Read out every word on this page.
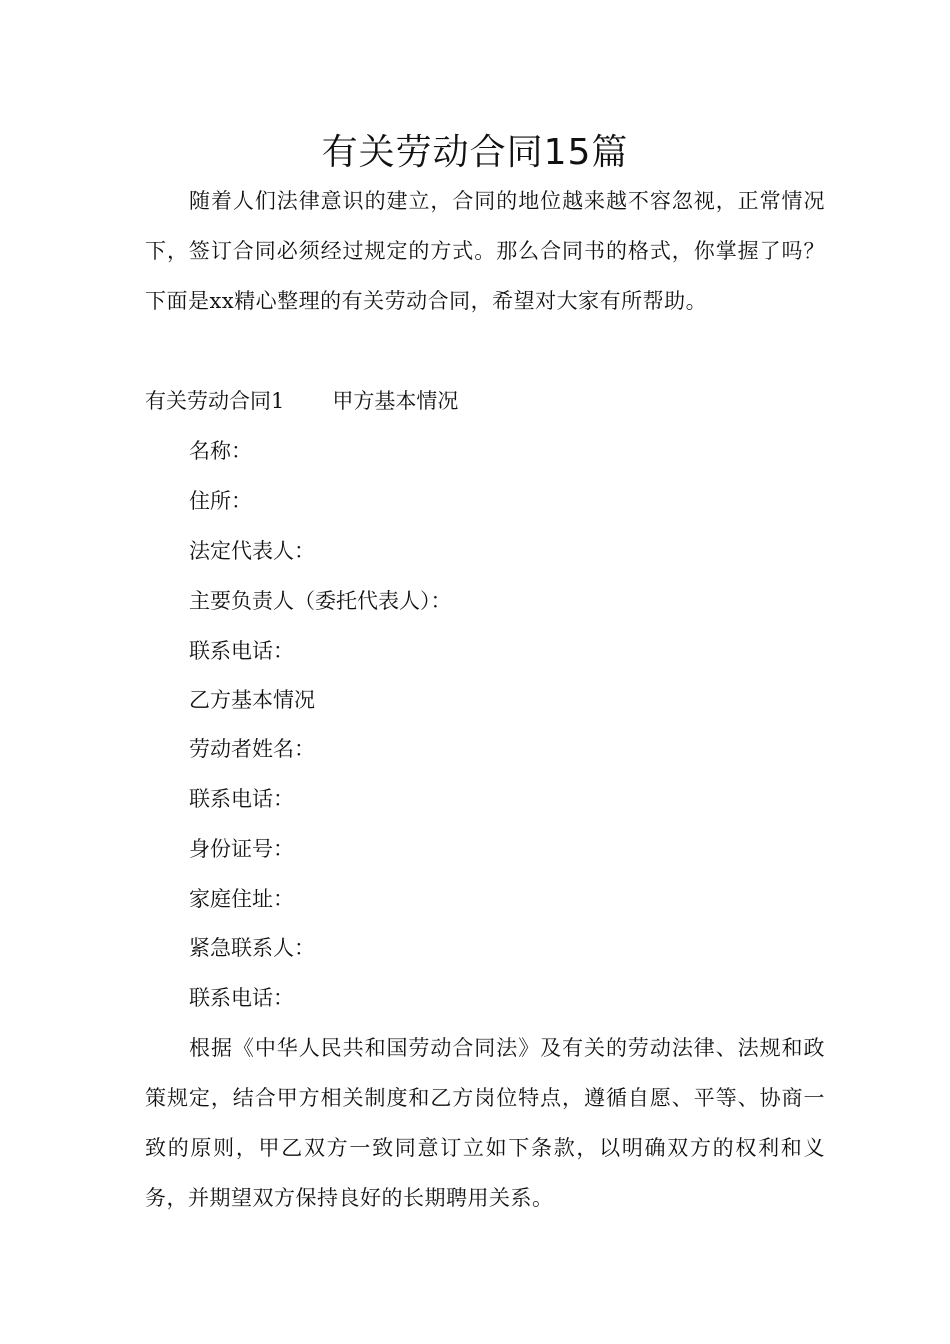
有关劳动合同15篇
随着人们法律意识的建立，合同的地位越来越不容忽视，正常情况下，签订合同必须经过规定的方式。那么合同书的格式，你掌握了吗？下面是xx精心整理的有关劳动合同，希望对大家有所帮助。
有关劳动合同1 甲方基本情况
名称：
住所：
法定代表人：
主要负责人（委托代表人）：
联系电话：
乙方基本情况
劳动者姓名：
联系电话：
身份证号：
家庭住址：
紧急联系人：
联系电话：
根据《中华人民共和国劳动合同法》及有关的劳动法律、法规和政策规定，结合甲方相关制度和乙方岗位特点，遵循自愿、平等、协商一致的原则，甲乙双方一致同意订立如下条款，以明确双方的权利和义务，并期望双方保持良好的长期聘用关系。
